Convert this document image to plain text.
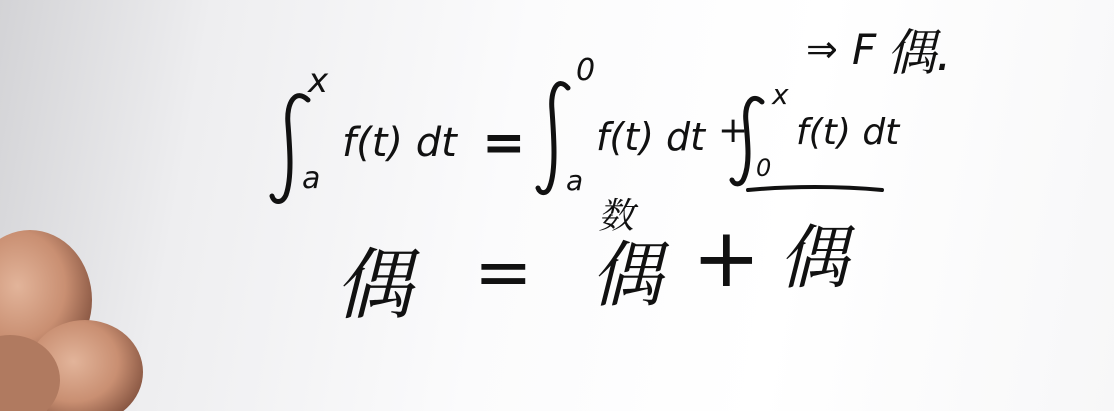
x
a
f(t) dt =
0
a
f(t) dt +
x
0
f(t) dt
⇒ F 偶.
数
偶 = 偶 + 偶
